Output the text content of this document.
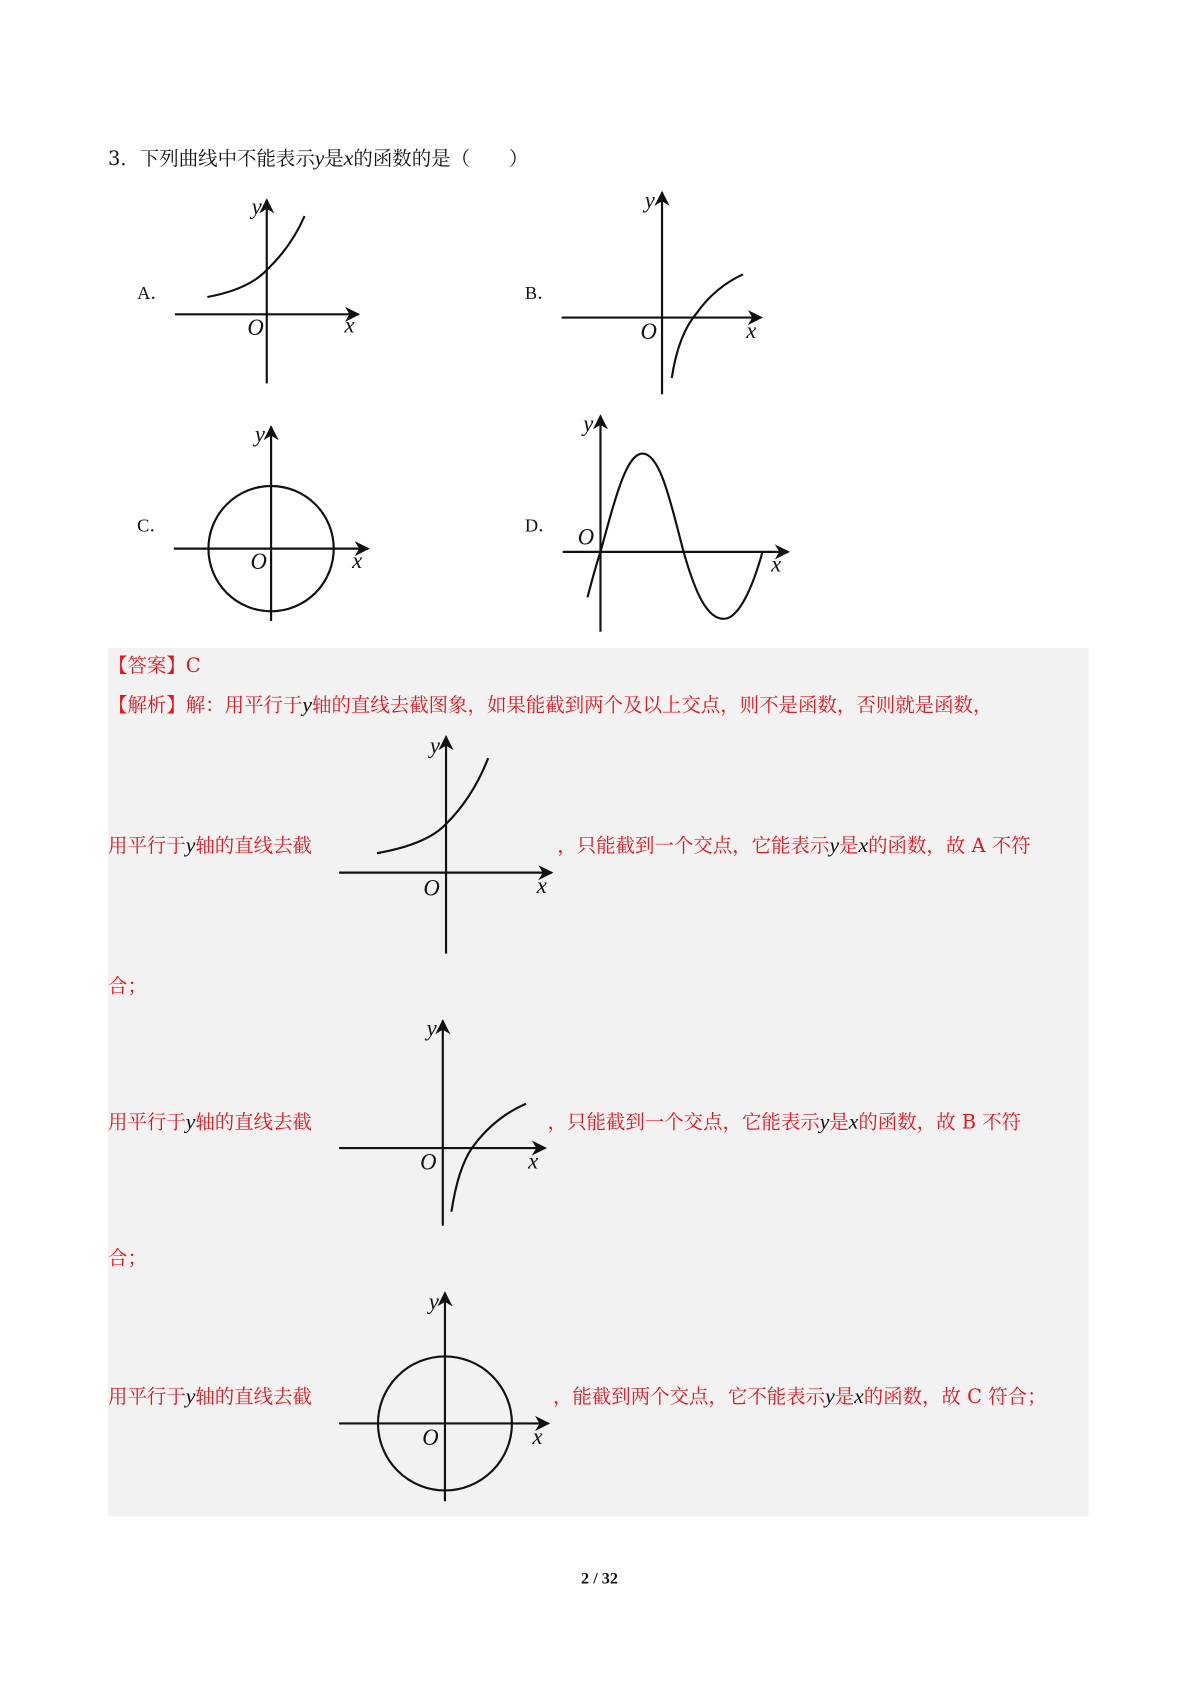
3．下列曲线中不能表示y是x的函数的是（　　）
A．	B．
C．	D．
y
O	x
y
O	x
y
O	x
y
O
x
y
O	x
y
O	x
y
O	x
【答案】C
【解析】解：用平行于y轴的直线去截图象，如果能截到两个及以上交点，则不是函数，否则就是函数，
用平行于y轴的直线去截	，只能截到一个交点，它能表示y是x的函数，故 A 不符
合；
用平行于y轴的直线去截	，只能截到一个交点，它能表示y是x的函数，故 B 不符
合；
用平行于y轴的直线去截	，能截到两个交点，它不能表示y是x的函数，故 C 符合；
2 / 32
